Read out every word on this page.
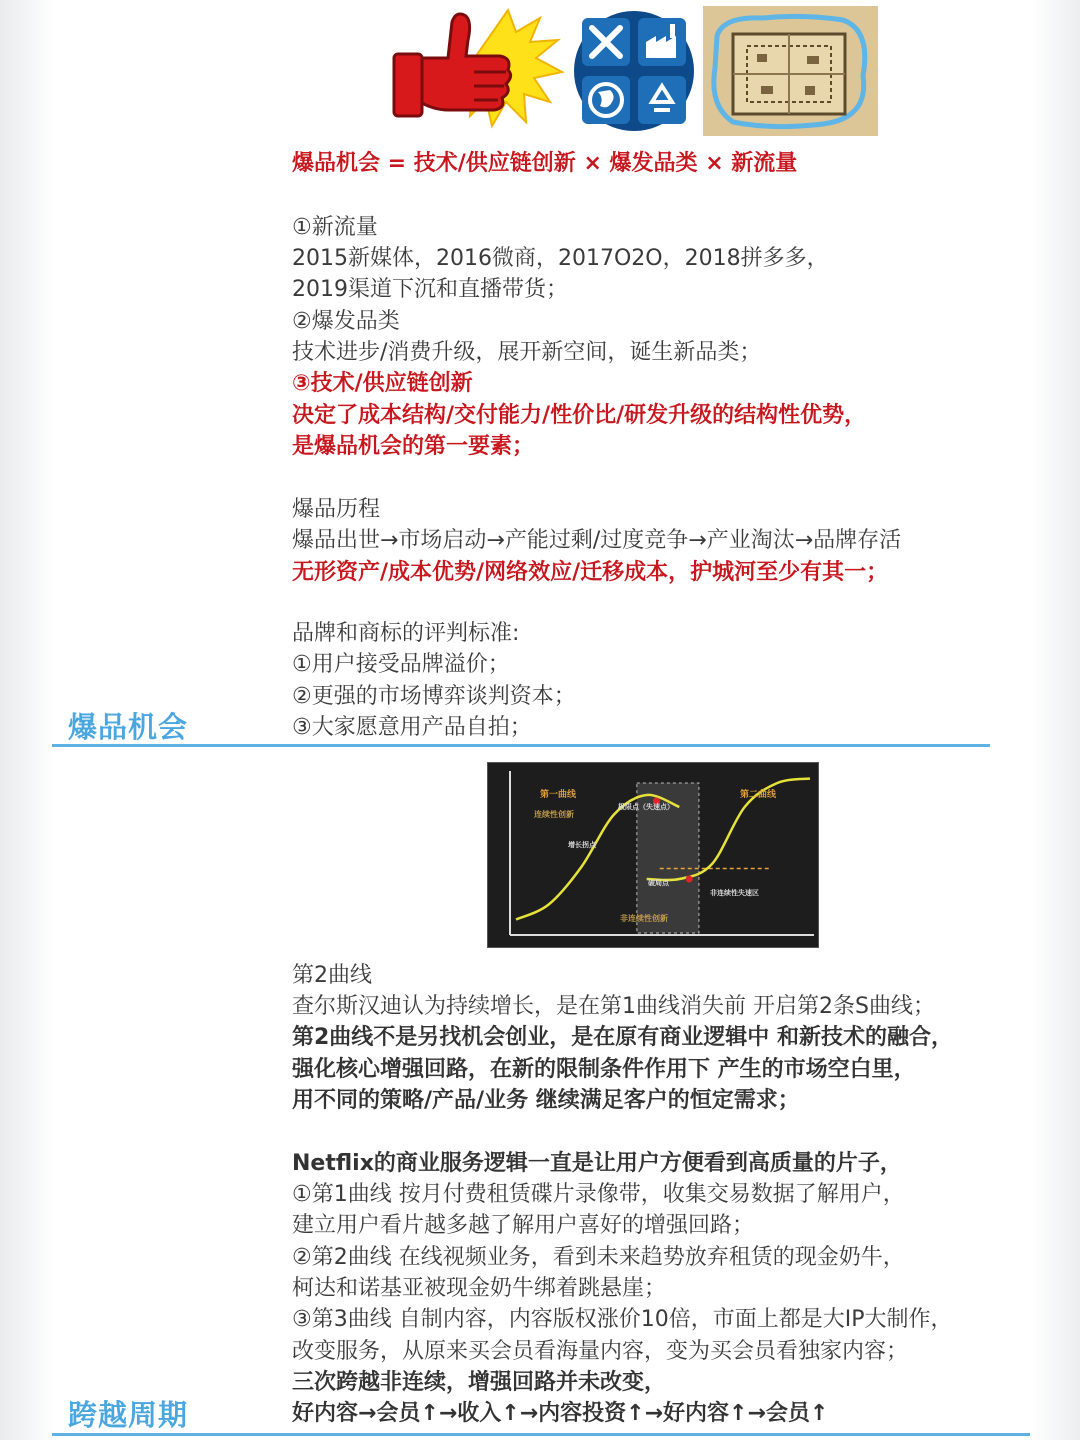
爆品机会 = 技术/供应链创新 × 爆发品类 × 新流量
①新流量
2015新媒体，2016微商，2017O2O，2018拼多多，
2019渠道下沉和直播带货；
②爆发品类
技术进步/消费升级，展开新空间，诞生新品类；
③技术/供应链创新
决定了成本结构/交付能力/性价比/研发升级的结构性优势，
是爆品机会的第一要素；
爆品历程
爆品出世→市场启动→产能过剩/过度竞争→产业淘汰→品牌存活
无形资产/成本优势/网络效应/迁移成本，护城河至少有其一；
品牌和商标的评判标准:
①用户接受品牌溢价；
②更强的市场博弈谈判资本；
③大家愿意用产品自拍；
爆品机会
第一曲线
连续性创新
第二曲线
极限点（失速点）
增长拐点
破局点
非连续性失速区
非连续性创新
第2曲线
查尔斯汉迪认为持续增长，是在第1曲线消失前 开启第2条S曲线；
第2曲线不是另找机会创业，是在原有商业逻辑中 和新技术的融合，
强化核心增强回路，在新的限制条件作用下 产生的市场空白里，
用不同的策略/产品/业务 继续满足客户的恒定需求；
Netflix的商业服务逻辑一直是让用户方便看到高质量的片子，
①第1曲线 按月付费租赁碟片录像带，收集交易数据了解用户，
建立用户看片越多越了解用户喜好的增强回路；
②第2曲线 在线视频业务，看到未来趋势放弃租赁的现金奶牛，
柯达和诺基亚被现金奶牛绑着跳悬崖；
③第3曲线 自制内容，内容版权涨价10倍，市面上都是大IP大制作，
改变服务，从原来买会员看海量内容，变为买会员看独家内容；
三次跨越非连续，增强回路并未改变，
好内容→会员↑→收入↑→内容投资↑→好内容↑→会员↑
跨越周期
